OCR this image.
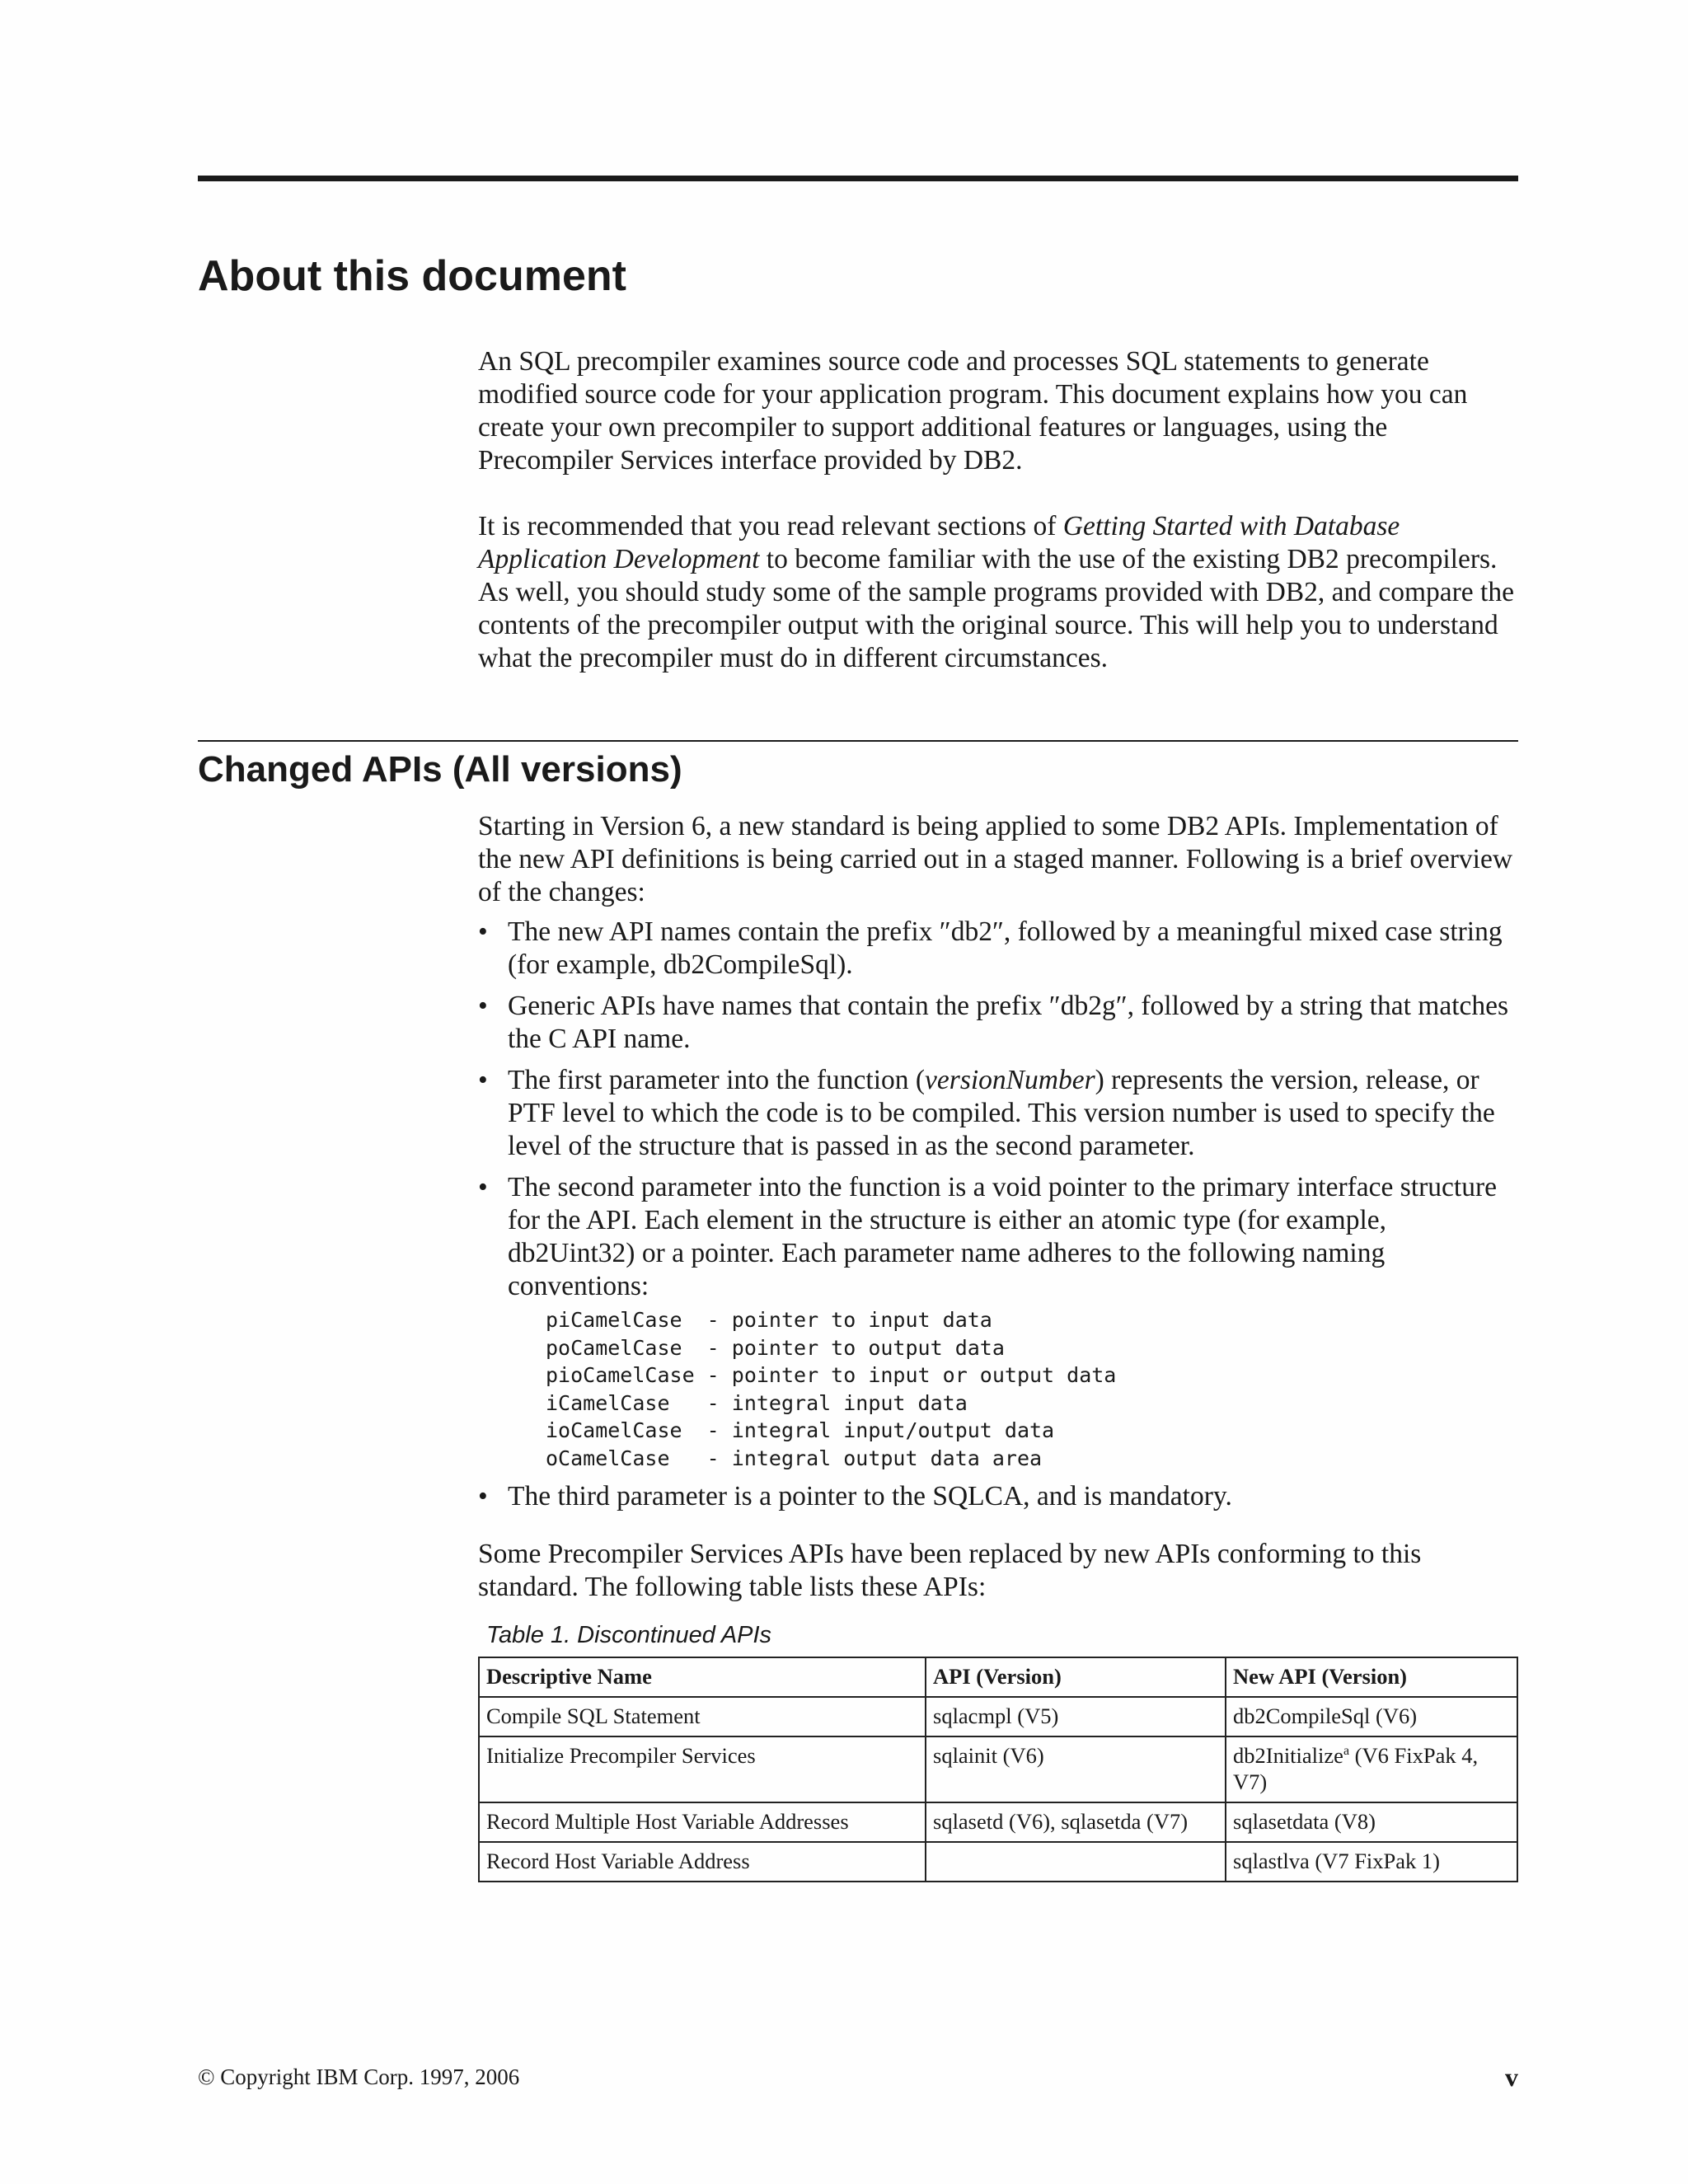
About this document

An SQL precompiler examines source code and processes SQL statements to generate modified source code for your application program. This document explains how you can create your own precompiler to support additional features or languages, using the Precompiler Services interface provided by DB2.

It is recommended that you read relevant sections of Getting Started with Database Application Development to become familiar with the use of the existing DB2 precompilers. As well, you should study some of the sample programs provided with DB2, and compare the contents of the precompiler output with the original source. This will help you to understand what the precompiler must do in different circumstances.

Changed APIs (All versions)

Starting in Version 6, a new standard is being applied to some DB2 APIs. Implementation of the new API definitions is being carried out in a staged manner. Following is a brief overview of the changes:

• The new API names contain the prefix ″db2″, followed by a meaningful mixed case string (for example, db2CompileSql).
• Generic APIs have names that contain the prefix ″db2g″, followed by a string that matches the C API name.
• The first parameter into the function (versionNumber) represents the version, release, or PTF level to which the code is to be compiled. This version number is used to specify the level of the structure that is passed in as the second parameter.
• The second parameter into the function is a void pointer to the primary interface structure for the API. Each element in the structure is either an atomic type (for example, db2Uint32) or a pointer. Each parameter name adheres to the following naming conventions:
piCamelCase  - pointer to input data
poCamelCase  - pointer to output data
pioCamelCase - pointer to input or output data
iCamelCase   - integral input data
ioCamelCase  - integral input/output data
oCamelCase   - integral output data area
• The third parameter is a pointer to the SQLCA, and is mandatory.

Some Precompiler Services APIs have been replaced by new APIs conforming to this standard. The following table lists these APIs:

Table 1. Discontinued APIs
Descriptive Name	API (Version)	New API (Version)
Compile SQL Statement	sqlacmpl (V5)	db2CompileSql (V6)
Initialize Precompiler Services	sqlainit (V6)	db2Initialize$^a$ (V6 FixPak 4, V7)
Record Multiple Host Variable Addresses	sqlasetd (V6), sqlasetda (V7)	sqlasetdata (V8)
Record Host Variable Address		sqlastlva (V7 FixPak 1)
© Copyright IBM Corp. 1997, 2006	v
